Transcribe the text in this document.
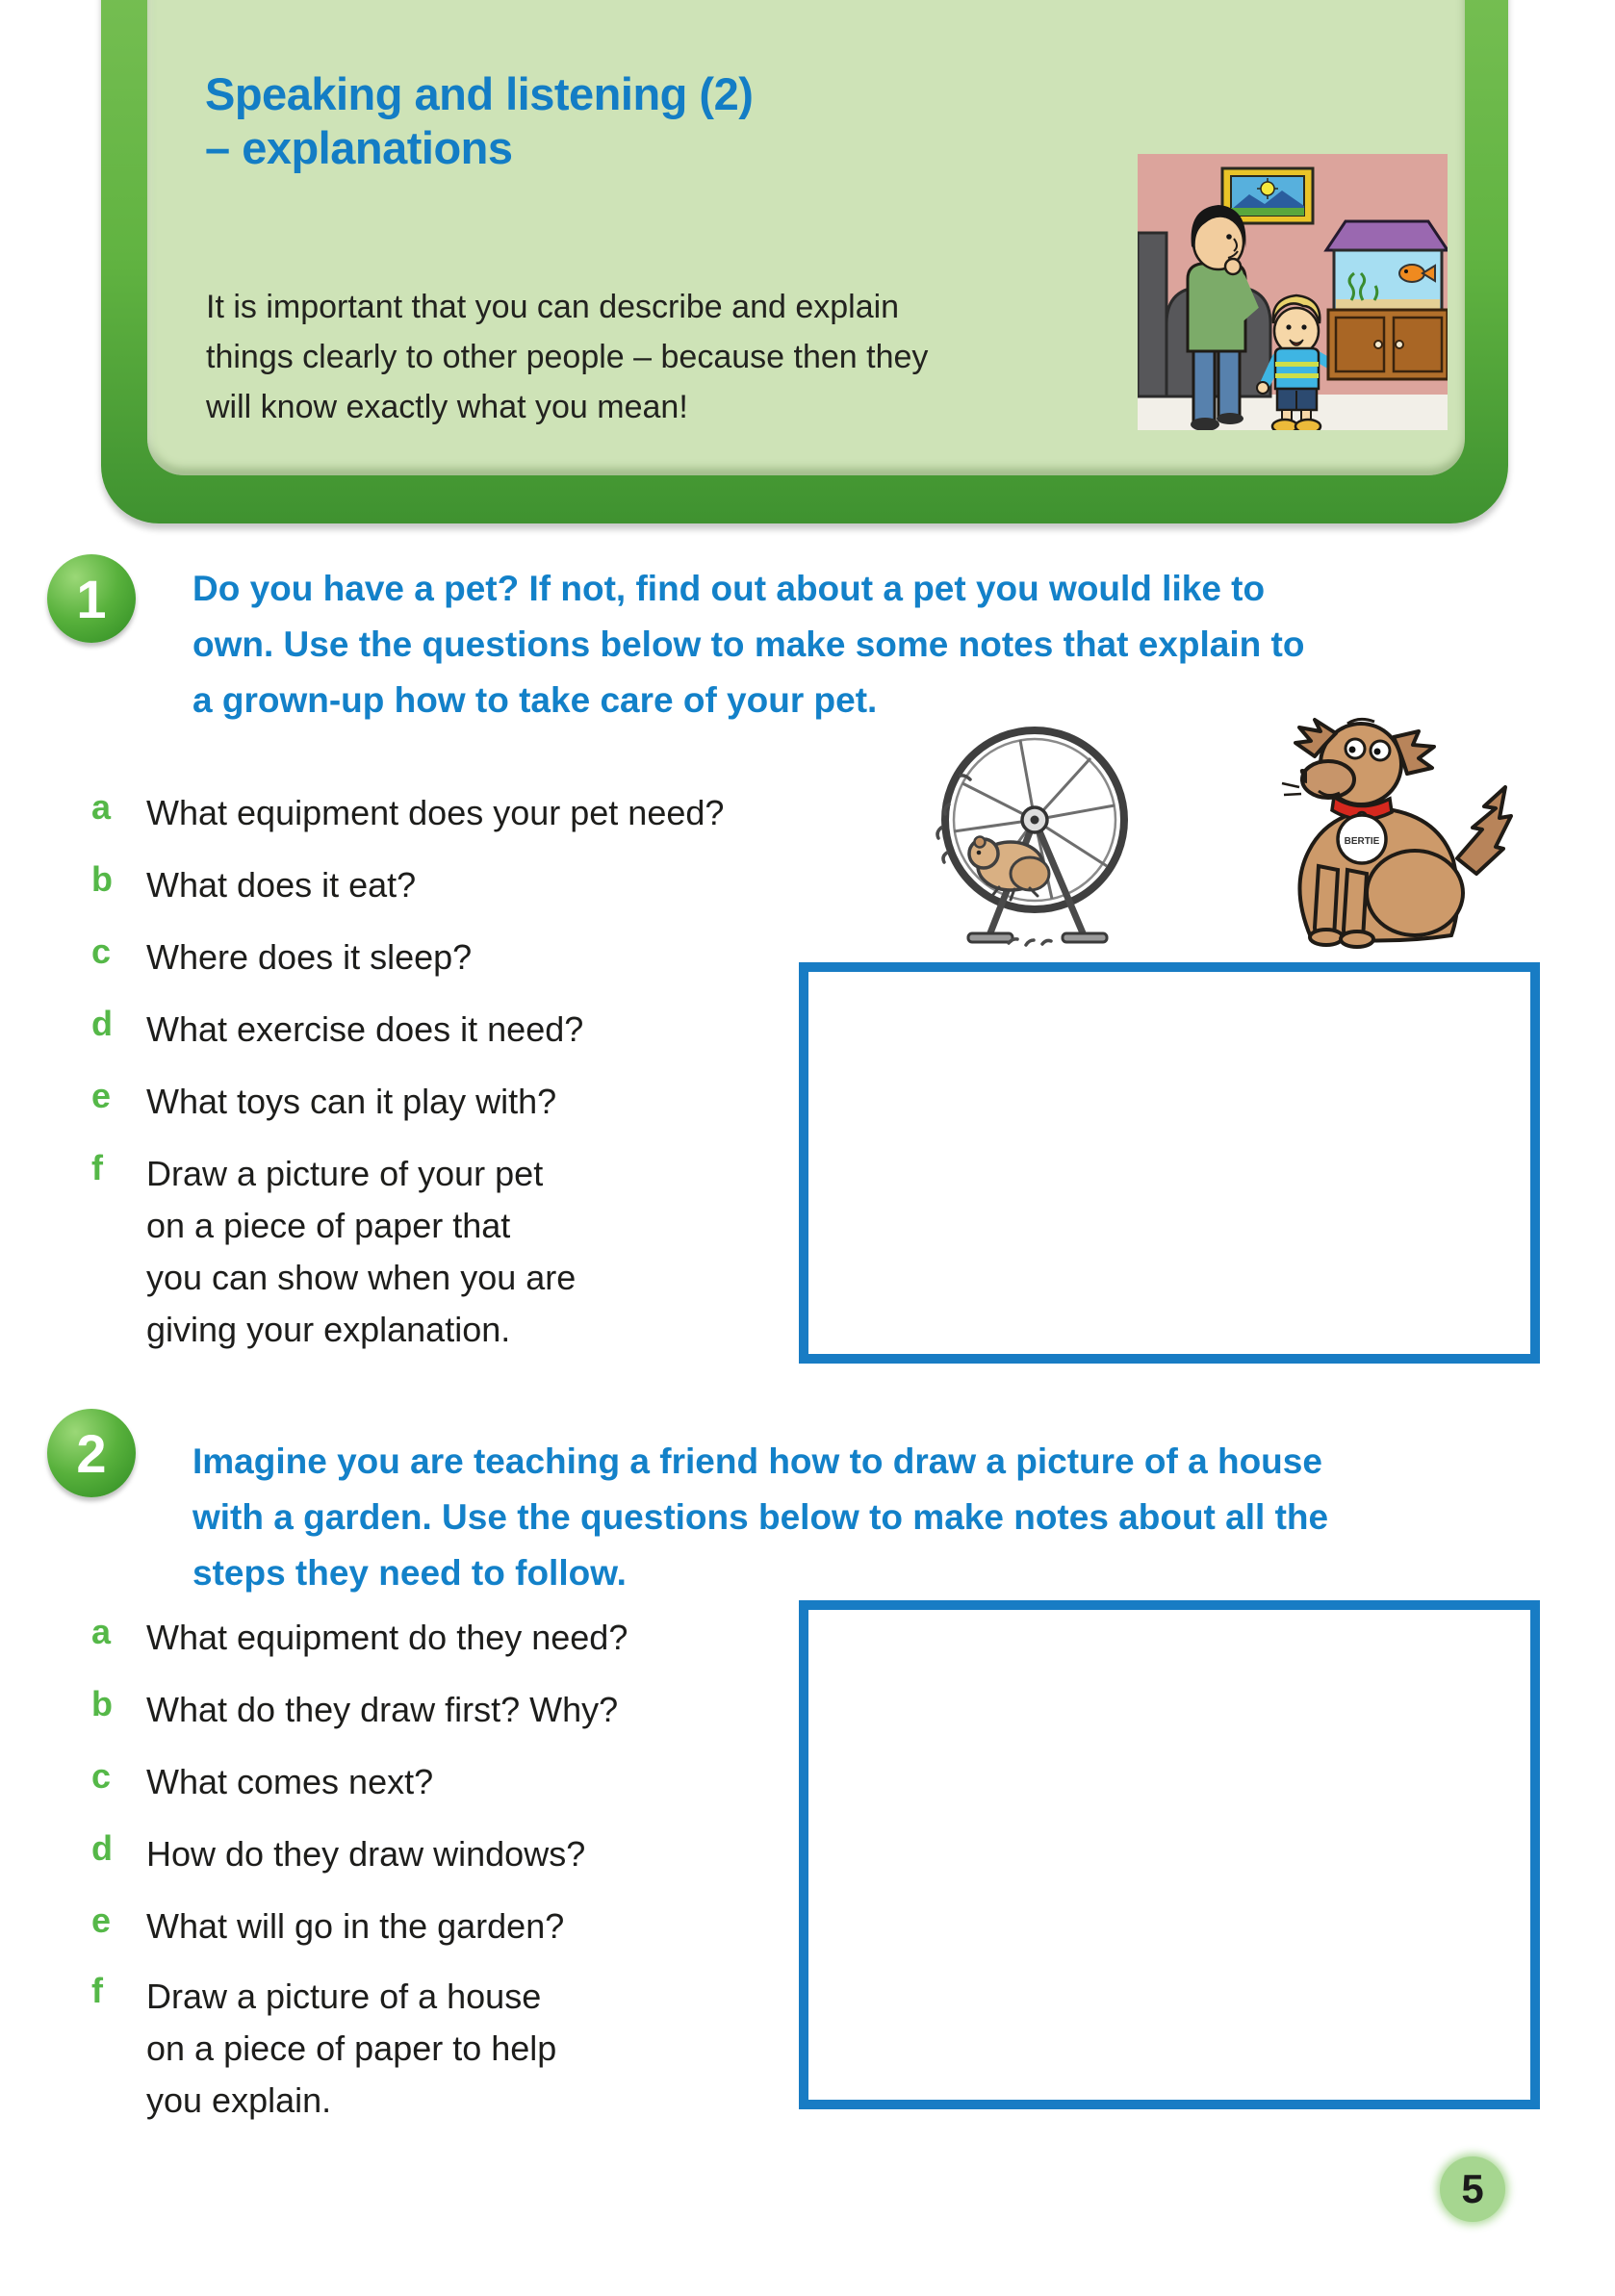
Speaking and listening (2)
– explanations
It is important that you can describe and explain
things clearly to other people – because then they
will know exactly what you mean!
1 Do you have a pet? If not, find out about a pet you would like to
own. Use the questions below to make some notes that explain to
a grown-up how to take care of your pet.
BERTIE
a What equipment does your pet need?
b What does it eat?
c Where does it sleep?
d What exercise does it need?
e What toys can it play with?
f Draw a picture of your pet
on a piece of paper that
you can show when you are
giving your explanation.
2 Imagine you are teaching a friend how to draw a picture of a house
with a garden. Use the questions below to make notes about all the
steps they need to follow.
a What equipment do they need?
b What do they draw first? Why?
c What comes next?
d How do they draw windows?
e What will go in the garden?
f Draw a picture of a house
on a piece of paper to help
you explain.
5
